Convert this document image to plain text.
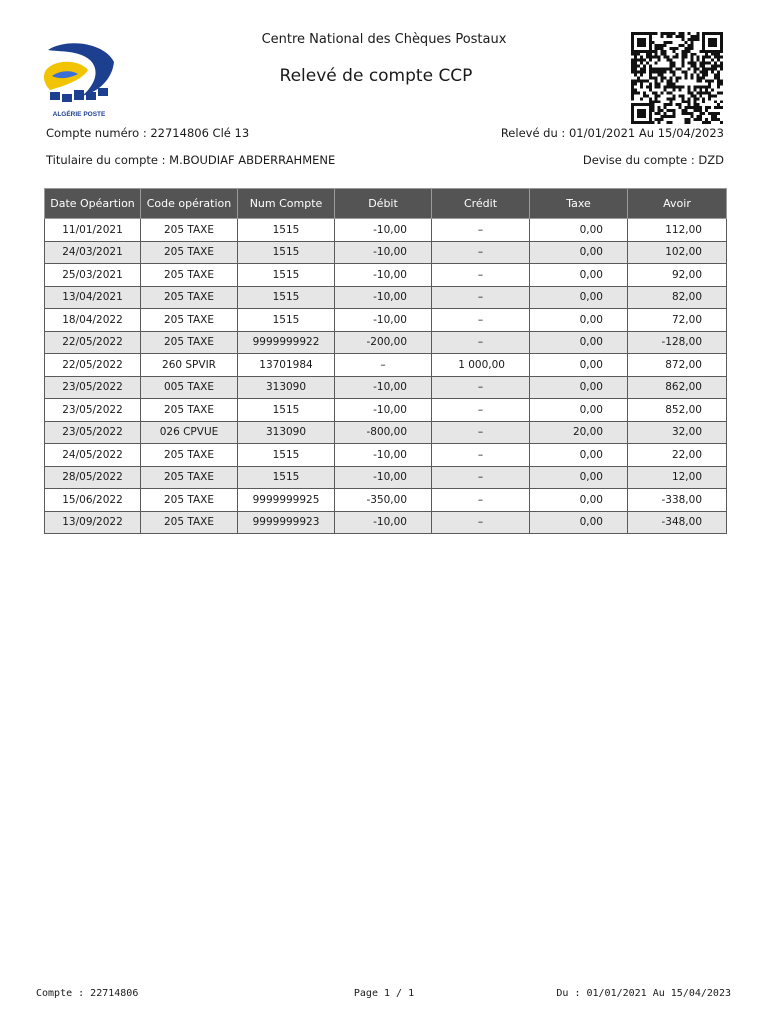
ALGÉRIE POSTE
Centre National des Chèques Postaux
Relevé de compte CCP
Compte numéro : 22714806 Clé 13	Relevé du : 01/01/2021 Au 15/04/2023
Titulaire du compte : M.BOUDIAF ABDERRAHMENE	Devise du compte : DZD
Date Opéartion	Code opération	Num Compte	Débit	Crédit	Taxe	Avoir
11/01/2021	205 TAXE	1515	-10,00	–	0,00	112,00
24/03/2021	205 TAXE	1515	-10,00	–	0,00	102,00
25/03/2021	205 TAXE	1515	-10,00	–	0,00	92,00
13/04/2021	205 TAXE	1515	-10,00	–	0,00	82,00
18/04/2022	205 TAXE	1515	-10,00	–	0,00	72,00
22/05/2022	205 TAXE	9999999922	-200,00	–	0,00	-128,00
22/05/2022	260 SPVIR	13701984	–	1 000,00	0,00	872,00
23/05/2022	005 TAXE	313090	-10,00	–	0,00	862,00
23/05/2022	205 TAXE	1515	-10,00	–	0,00	852,00
23/05/2022	026 CPVUE	313090	-800,00	–	20,00	32,00
24/05/2022	205 TAXE	1515	-10,00	–	0,00	22,00
28/05/2022	205 TAXE	1515	-10,00	–	0,00	12,00
15/06/2022	205 TAXE	9999999925	-350,00	–	0,00	-338,00
13/09/2022	205 TAXE	9999999923	-10,00	–	0,00	-348,00
Compte : 22714806	Page 1 / 1	Du : 01/01/2021 Au 15/04/2023
